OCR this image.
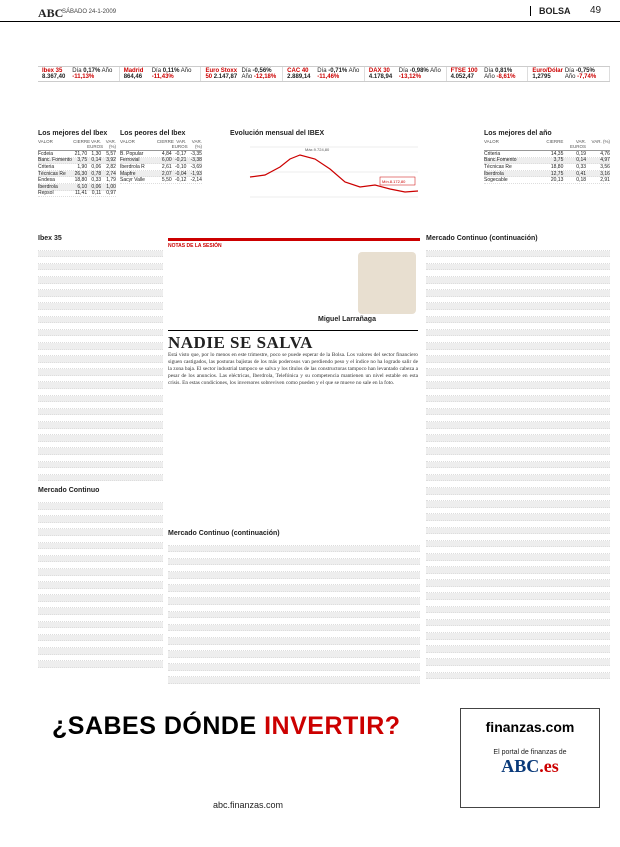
ABC
SÁBADO 24-1-2009	BOLSA 49
Ibex 35 8.367,40
Día 0,17% Año -11,13%
Madrid 864,46
Día 0,11% Año -11,43%
Euro Stoxx 50 2.147,87
Día -0,56% Año -12,18%
CAC 40 2.889,14
Día -0,71% Año -11,46%
DAX 30 4.178,94
Día -0,98% Año -13,12%
FTSE 100 4.052,47
Día 0,81% Año -8,61%
Euro/Dólar 1,2795
Día -0,75% Año -7,74%
Los mejores del Ibex
VALOR	CIERRE VAR. EUROS
VAR. (%)
Fcdeia	21,70 1,30	5,57
Banc. Fomento	3,75 0,14	3,92
Criteria	1,90 0,06	2,82
Técnicas Re	26,30 0,78	2,74
Endesa	18,80 0,33	1,79
Iberdrola	6,10 0,06	1,00
Repsol	11,41 0,11	0,97
Los peores del Ibex
VALOR	CIERRE VAR. EUROS
VAR. (%)
B. Popular	4,84 -0,17 -3,35
Ferrovial	6,00 -0,21 -3,38
Iberdrola R	2,61 -0,10 -3,69
Mapfre	2,07 -0,04 -1,93
Sacyr Valle	5,50 -0,12 -2,14
Evolución mensual del IBEX
Máx.9.724,80
Mín.8.172,80
Los mejores del año
VALOR	CIERRE	VAR. EUROS
VAR. (%)
Criteria	14,35	0,19	4,76
Banc.Fomento	3,75	0,14	4,97
Técnicas Re	18,80	0,33	3,56
Iberdrola	12,75	0,41	3,16
Sogecable	20,13	0,18	2,91
Ibex 35
Mercado Continuo
NOTAS DE LA SESIÓN
Miguel Larrañaga
NADIE SE SALVA

Está visto que, por lo menos en este trimestre, poco se puede esperar de la Bolsa. Los valores del sector financiero siguen castigados, las posturas bajistas de los más poderosos van perdiendo peso y el índice no ha logrado salir de la zona baja. El sector industrial tampoco se salva y los títulos de las constructoras tampoco han levantado cabeza a pesar de los anuncios. Las eléctricas, Iberdrola, Telefónica y su competencia mantienen un nivel estable en esta crisis. En estas condiciones, los inversores sobreviven como pueden y el que se mueve no sale en la foto.

Mercado Continuo (continuación)
Mercado Continuo (continuación)
¿SABES DÓNDE INVERTIR?
abc.finanzas.com
finanzas.com
El portal de finanzas de
ABC.es
